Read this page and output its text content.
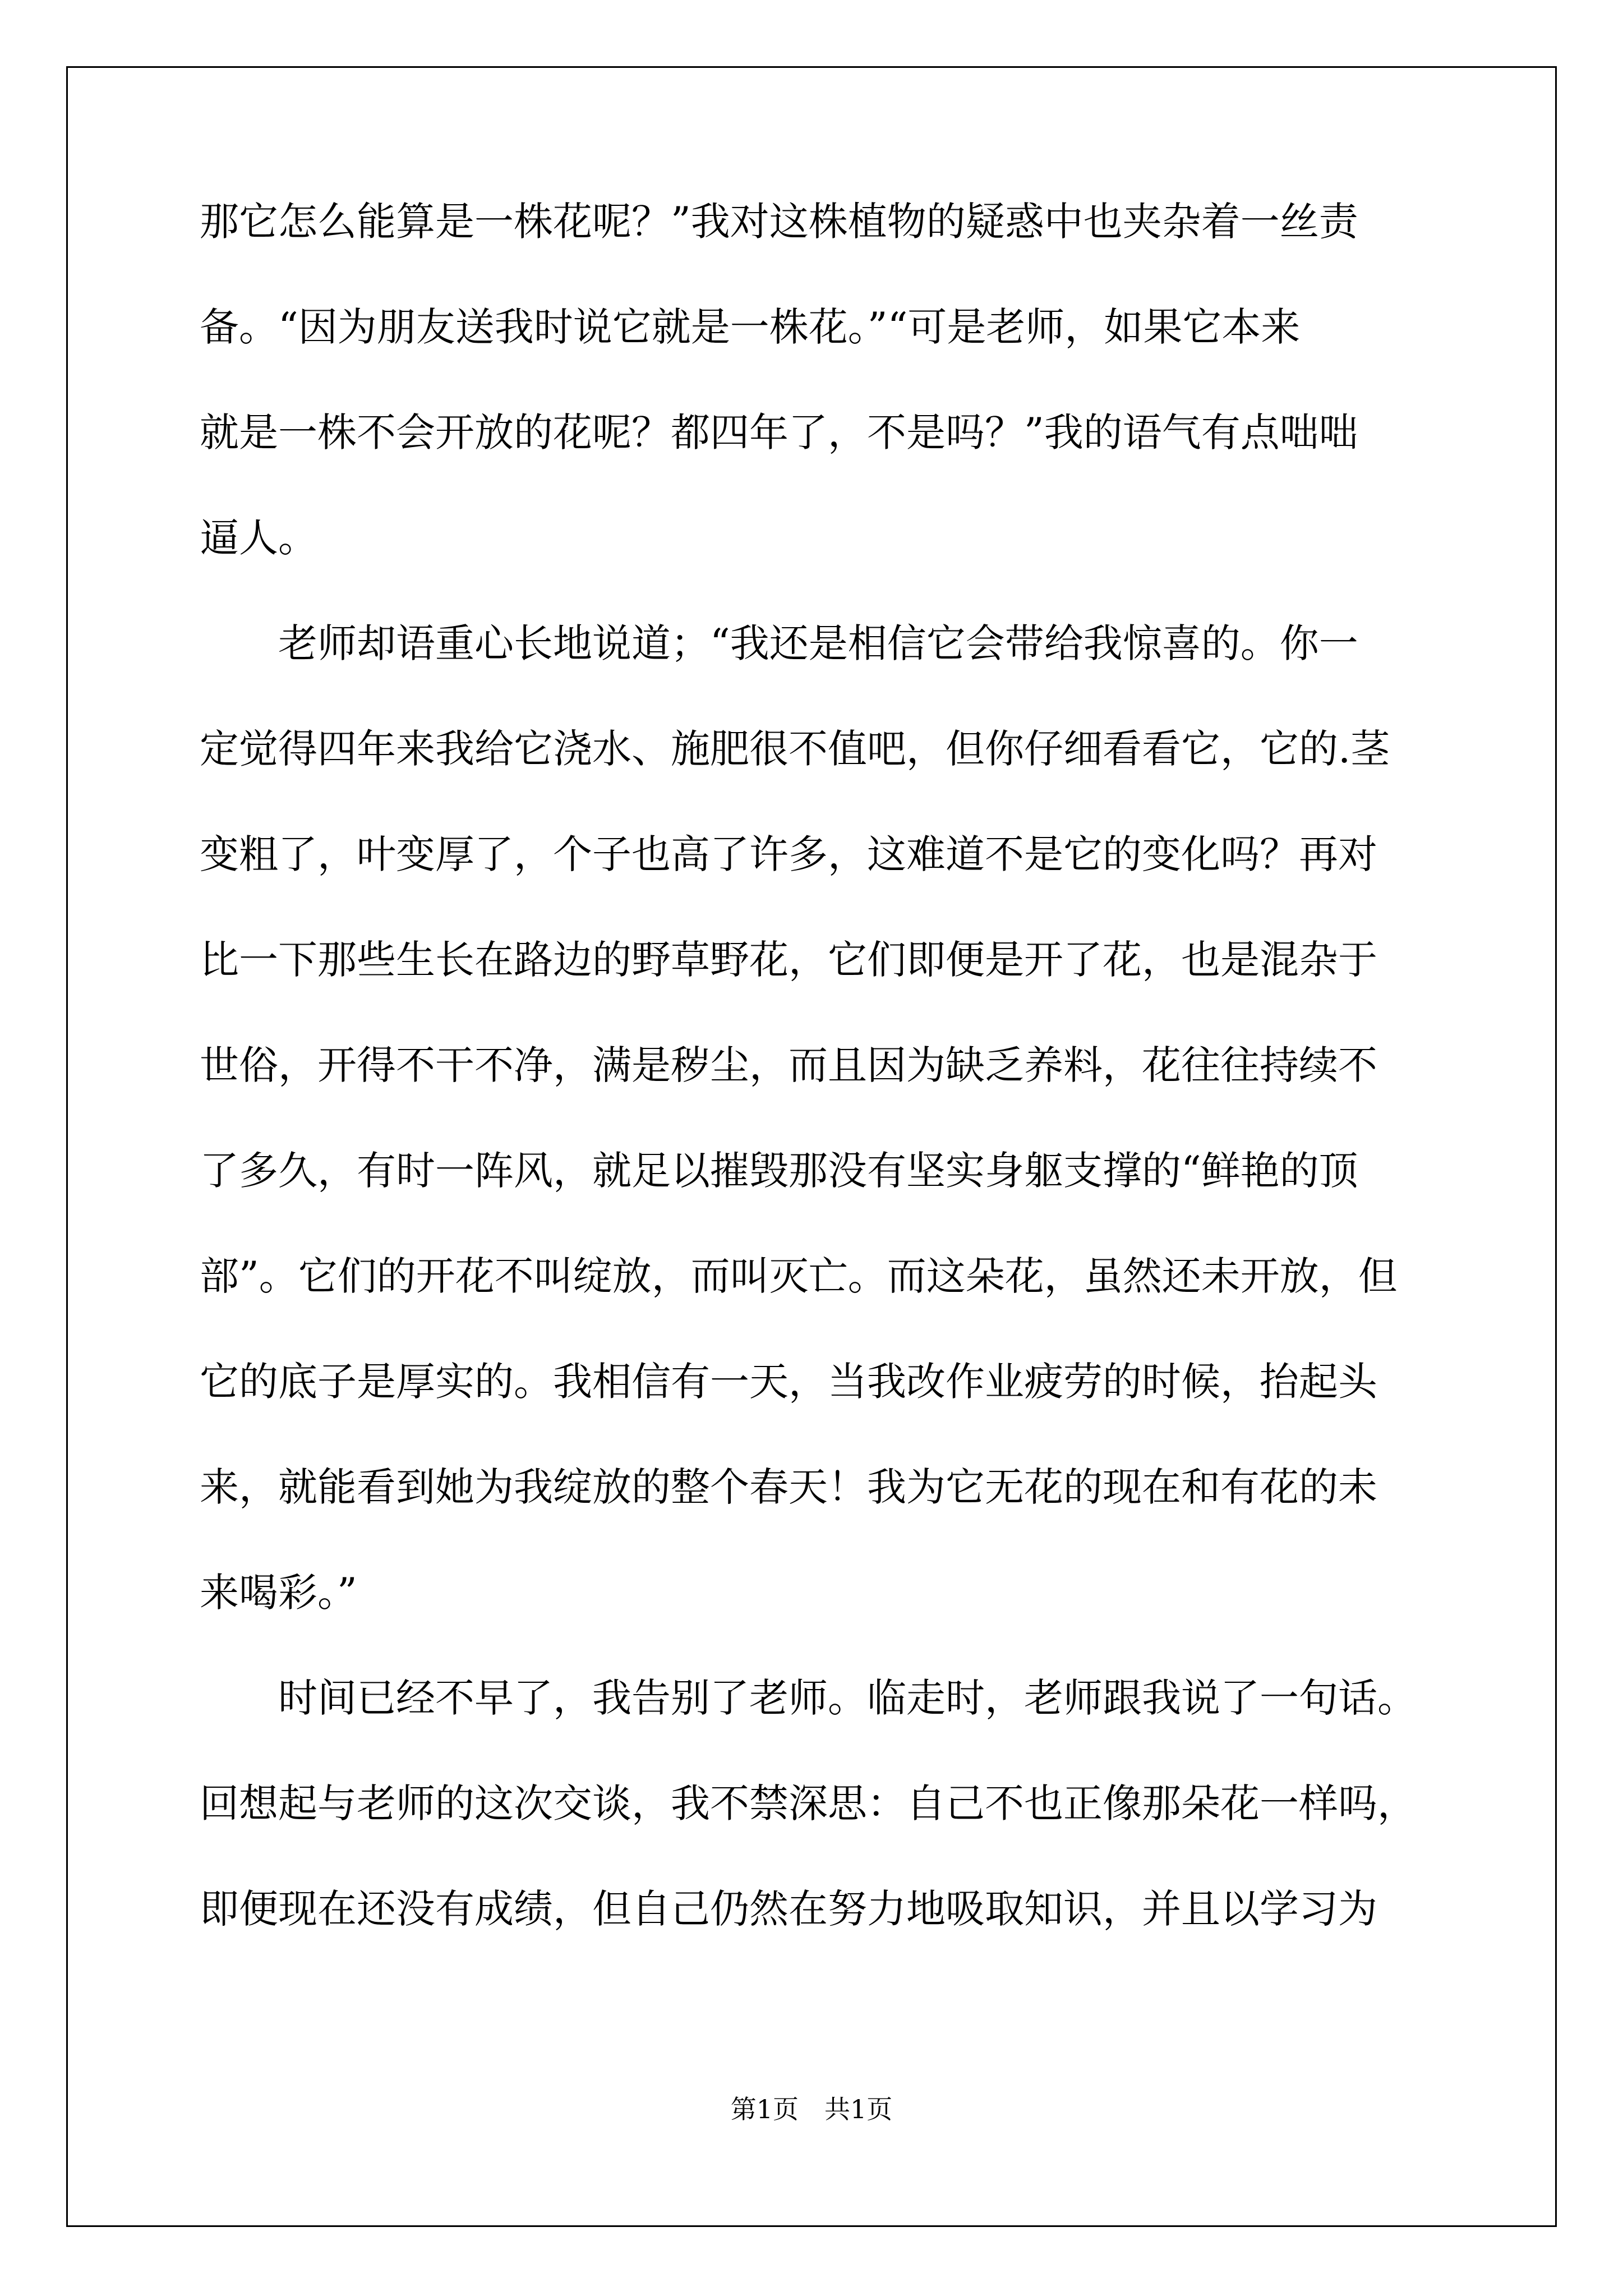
那它怎么能算是一株花呢？”我对这株植物的疑惑中也夹杂着一丝责
备。“因为朋友送我时说它就是一株花。”“可是老师，如果它本来
就是一株不会开放的花呢？都四年了，不是吗？”我的语气有点咄咄
逼人。
老师却语重心长地说道；“我还是相信它会带给我惊喜的。你一
定觉得四年来我给它浇水、施肥很不值吧，但你仔细看看它，它的.茎
变粗了，叶变厚了，个子也高了许多，这难道不是它的变化吗？再对
比一下那些生长在路边的野草野花，它们即便是开了花，也是混杂于
世俗，开得不干不净，满是秽尘，而且因为缺乏养料，花往往持续不
了多久，有时一阵风，就足以摧毁那没有坚实身躯支撑的“鲜艳的顶
部”。它们的开花不叫绽放，而叫灭亡。而这朵花，虽然还未开放，但
它的底子是厚实的。我相信有一天，当我改作业疲劳的时候，抬起头
来，就能看到她为我绽放的整个春天！我为它无花的现在和有花的未
来喝彩。”
时间已经不早了，我告别了老师。临走时，老师跟我说了一句话。
回想起与老师的这次交谈，我不禁深思：自己不也正像那朵花一样吗，
即便现在还没有成绩，但自己仍然在努力地吸取知识，并且以学习为
第1页　共1页
